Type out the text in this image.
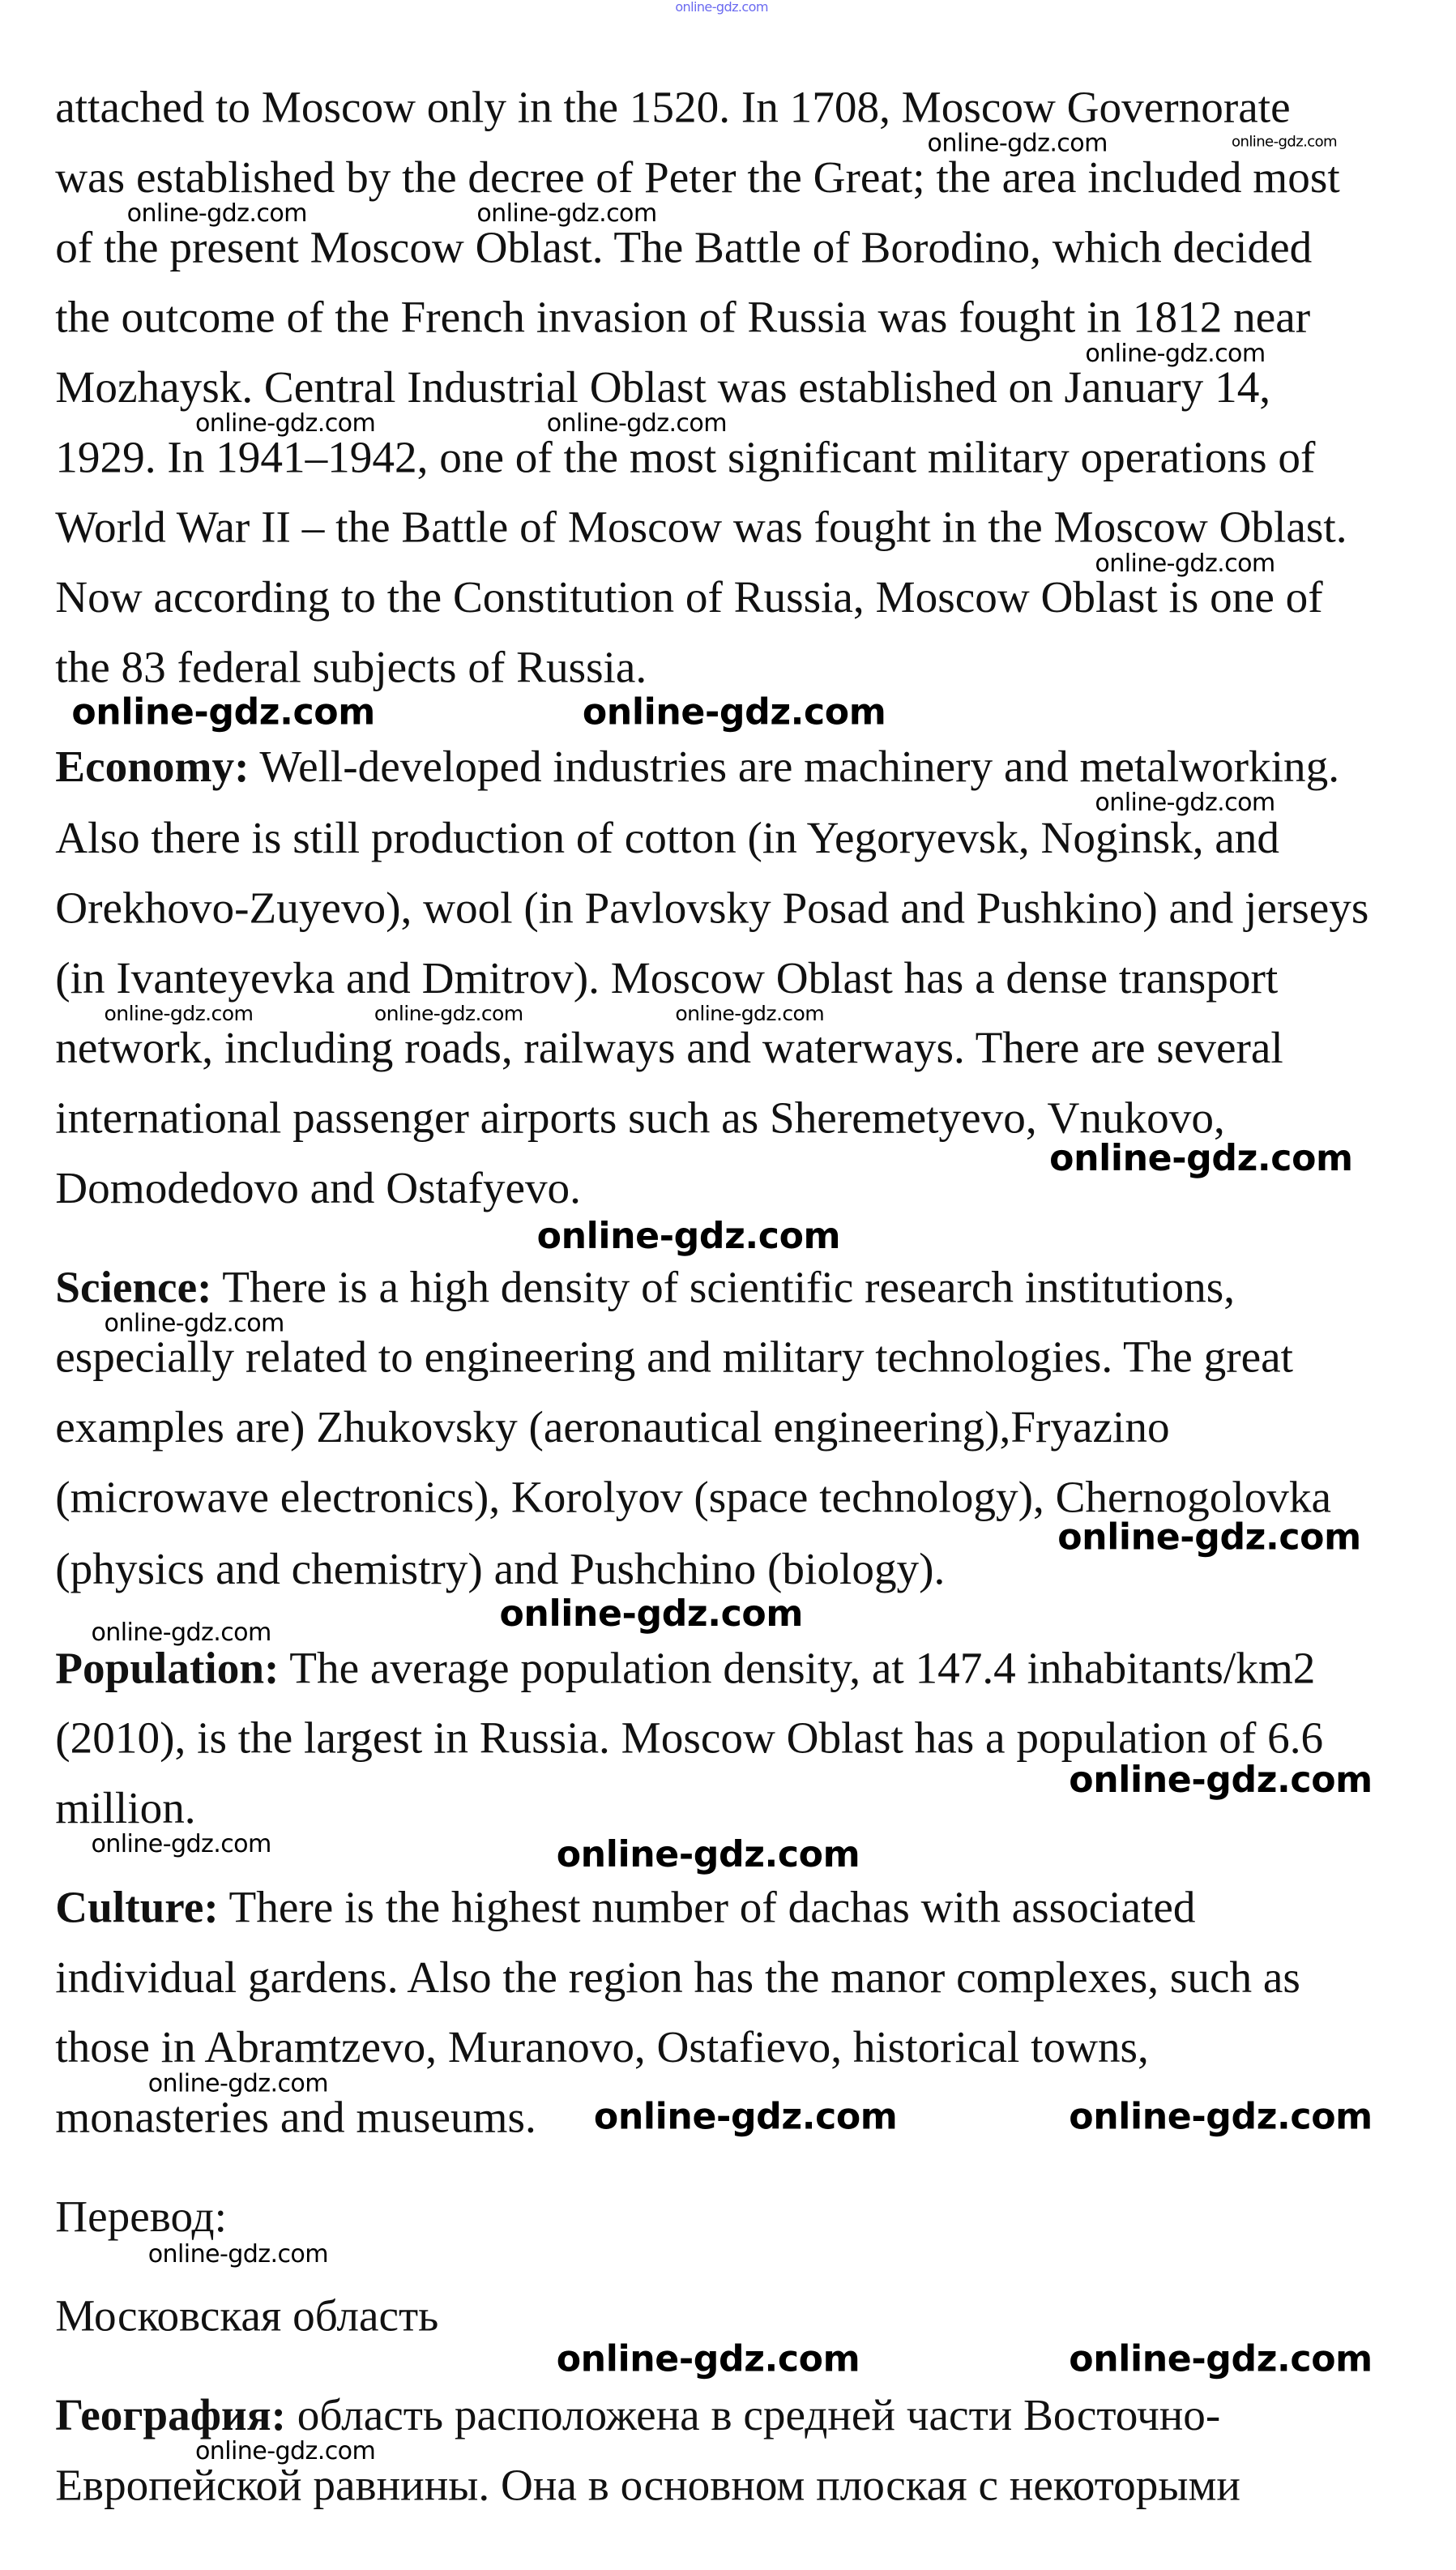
attached to Moscow only in the 1520. In 1708, Moscow Governorate
was established by the decree of Peter the Great; the area included most
of the present Moscow Oblast. The Battle of Borodino, which decided
the outcome of the French invasion of Russia was fought in 1812 near
Mozhaysk. Central Industrial Oblast was established on January 14,
1929. In 1941–1942, one of the most significant military operations of
World War II – the Battle of Moscow was fought in the Moscow Oblast.
Now according to the Constitution of Russia, Moscow Oblast is one of
the 83 federal subjects of Russia.
Economy: Well-developed industries are machinery and metalworking.
Also there is still production of cotton (in Yegoryevsk, Noginsk, and
Orekhovo-Zuyevo), wool (in Pavlovsky Posad and Pushkino) and jerseys
(in Ivanteyevka and Dmitrov). Moscow Oblast has a dense transport
network, including roads, railways and waterways. There are several
international passenger airports such as Sheremetyevo, Vnukovo,
Domodedovo and Ostafyevo.
Science: There is a high density of scientific research institutions,
especially related to engineering and military technologies. The great
examples are) Zhukovsky (aeronautical engineering),Fryazino
(microwave electronics), Korolyov (space technology), Chernogolovka
(physics and chemistry) and Pushchino (biology).
Population: The average population density, at 147.4 inhabitants/km2
(2010), is the largest in Russia. Moscow Oblast has a population of 6.6
million.
Culture: There is the highest number of dachas with associated
individual gardens. Also the region has the manor complexes, such as
those in Abramtzevo, Muranovo, Ostafievo, historical towns,
monasteries and museums.
Перевод:
Московская область
География: область расположена в средней части Восточно-
Европейской равнины. Она в основном плоская с некоторыми
online-gdz.com
online-gdz.com	online-gdz.com
online-gdz.com	online-gdz.com
online-gdz.com
online-gdz.com	online-gdz.com
online-gdz.com
online-gdz.com	online-gdz.com
online-gdz.com
online-gdz.com	online-gdz.com	online-gdz.com
online-gdz.com
online-gdz.com
online-gdz.com
online-gdz.com
online-gdz.com
online-gdz.com
online-gdz.com
online-gdz.com	online-gdz.com
online-gdz.com
online-gdz.com	online-gdz.com
online-gdz.com
online-gdz.com	online-gdz.com
online-gdz.com
